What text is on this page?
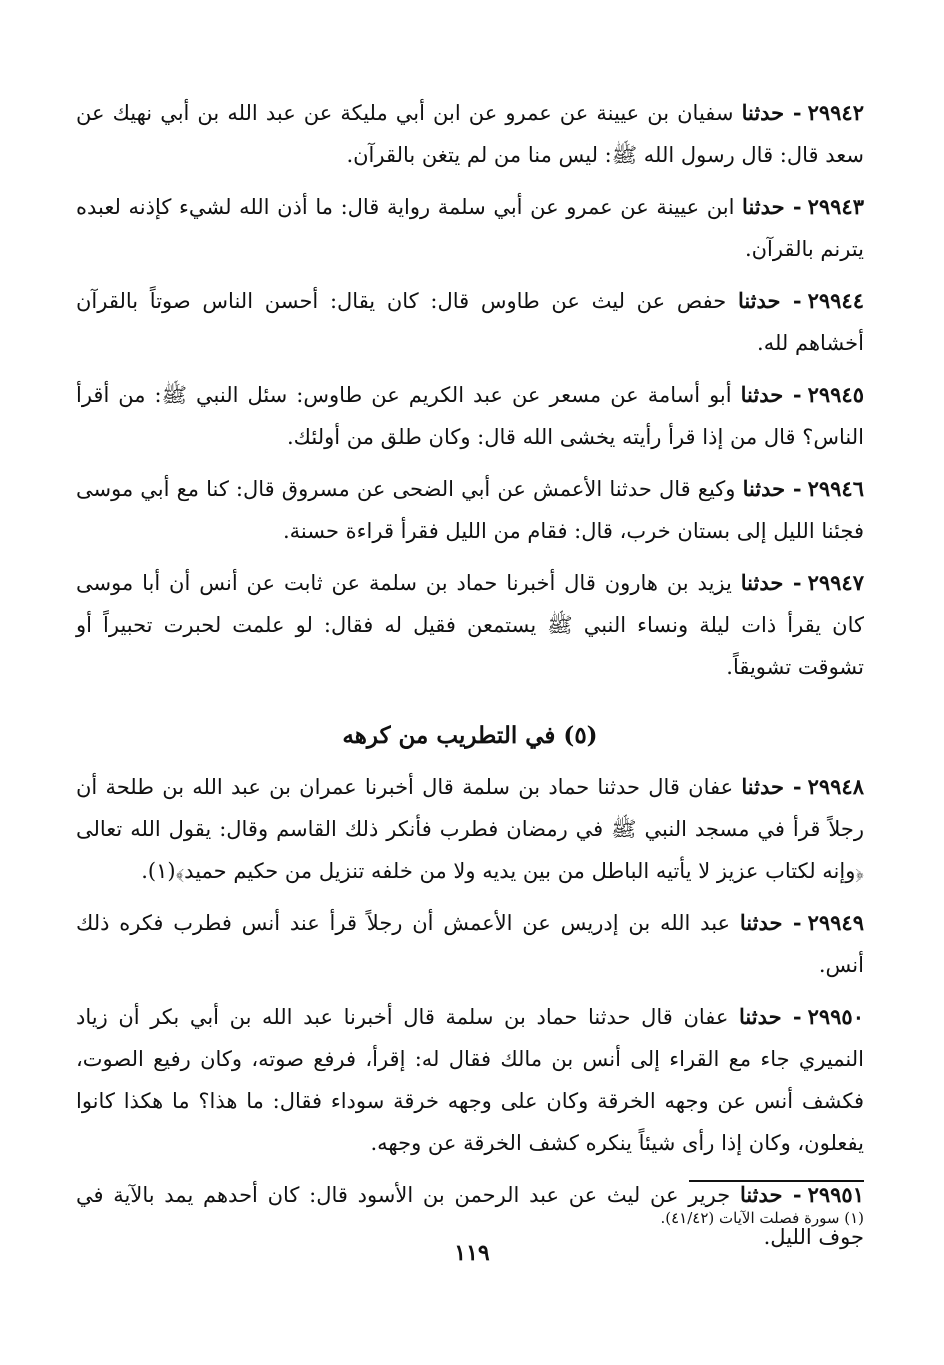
٢٩٩٤٢- حدثنا سفيان بن عيينة عن عمرو عن ابن أبي مليكة عن عبد الله بن أبي نهيك عن سعد قال: قال رسول الله ﷺ: ليس منا من لم يتغن بالقرآن.

٢٩٩٤٣- حدثنا ابن عيينة عن عمرو عن أبي سلمة رواية قال: ما أذن الله لشيء كإذنه لعبده يترنم بالقرآن.

٢٩٩٤٤- حدثنا حفص عن ليث عن طاوس قال: كان يقال: أحسن الناس صوتاً بالقرآن أخشاهم لله.

٢٩٩٤٥- حدثنا أبو أسامة عن مسعر عن عبد الكريم عن طاوس: سئل النبي ﷺ: من أقرأ الناس؟ قال من إذا قرأ رأيته يخشى الله قال: وكان طلق من أولئك.

٢٩٩٤٦- حدثنا وكيع قال حدثنا الأعمش عن أبي الضحى عن مسروق قال: كنا مع أبي موسى فجئنا الليل إلى بستان خرب، قال: فقام من الليل فقرأ قراءة حسنة.

٢٩٩٤٧- حدثنا يزيد بن هارون قال أخبرنا حماد بن سلمة عن ثابت عن أنس أن أبا موسى كان يقرأ ذات ليلة ونساء النبي ﷺ يستمعن فقيل له فقال: لو علمت لحبرت تحبيراً أو تشوقت تشويقاً.

(٥) في التطريب من كرهه

٢٩٩٤٨- حدثنا عفان قال حدثنا حماد بن سلمة قال أخبرنا عمران بن عبد الله بن طلحة أن رجلاً قرأ في مسجد النبي ﷺ في رمضان فطرب فأنكر ذلك القاسم وقال: يقول الله تعالى ﴿وإنه لكتاب عزيز لا يأتيه الباطل من بين يديه ولا من خلفه تنزيل من حكيم حميد﴾(١).

٢٩٩٤٩- حدثنا عبد الله بن إدريس عن الأعمش أن رجلاً قرأ عند أنس فطرب فكره ذلك أنس.

٢٩٩٥٠- حدثنا عفان قال حدثنا حماد بن سلمة قال أخبرنا عبد الله بن أبي بكر أن زياد النميري جاء مع القراء إلى أنس بن مالك فقال له: إقرأ، فرفع صوته، وكان رفيع الصوت، فكشف أنس عن وجهه الخرقة وكان على وجهه خرقة سوداء فقال: ما هذا؟ ما هكذا كانوا يفعلون، وكان إذا رأى شيئاً ينكره كشف الخرقة عن وجهه.

٢٩٩٥١- حدثنا جرير عن ليث عن عبد الرحمن بن الأسود قال: كان أحدهم يمد بالآية في جوف الليل.

(١) سورة فصلت الآيات (٤١/٤٢).
١١٩
